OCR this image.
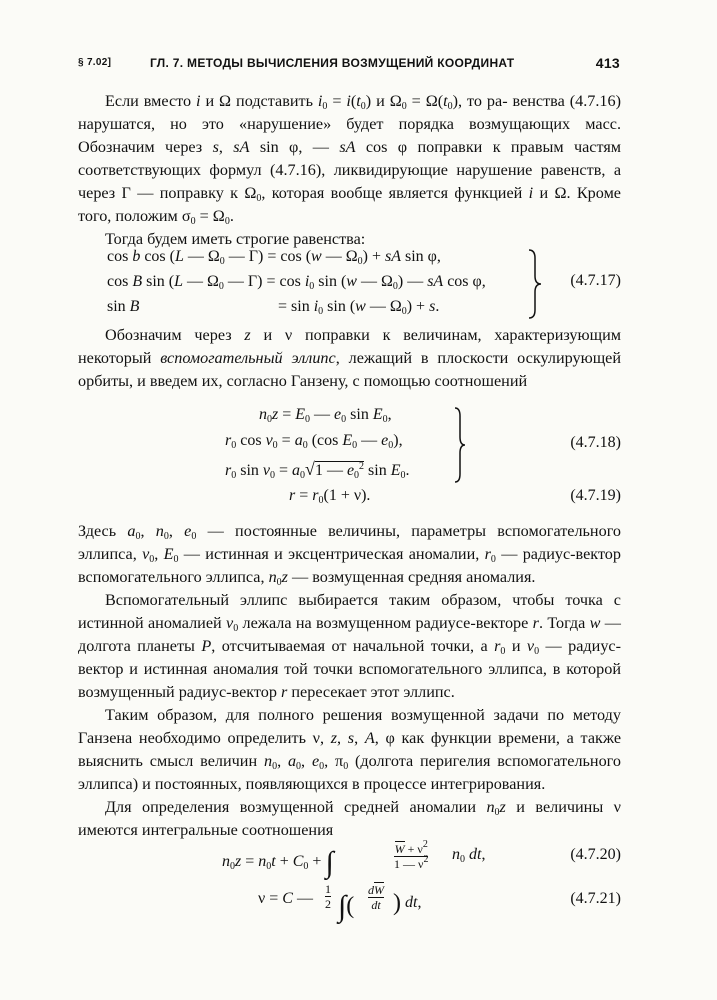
§ 7.02]	ГЛ. 7. МЕТОДЫ ВЫЧИСЛЕНИЯ ВОЗМУЩЕНИЙ КООРДИНАТ	413

Если вместо i и Ω подставить $i_0 = i(t_0)$ и $\Omega_0 = \Omega(t_0)$, то ра- венства (4.7.16) нарушатся, но это «нарушение» будет порядка возмущающих масс. Обозначим через s, sA sin φ, — sA cos φ поправки к правым частям соответствующих формул (4.7.16), ликвидирующие нарушение равенств, а через Γ — поправку к $\Omega_0$, которая вообще является функцией i и Ω. Кроме того, положим $\sigma_0 = \Omega_0$.

Тогда будем иметь строгие равенства:

cos b cos (L — $\Omega_0$ — Γ) = cos (w — $\Omega_0$) + sA sin φ,
cos B sin (L — $\Omega_0$ — $\Gamma) = \cos i_0$ sin (w — $\Omega_0$) — sA cos φ,
sin B	= $\sin i_0$ sin (w — $\Omega_0) + s$.
(4.7.17)

Обозначим через z и ν поправки к величинам, характеризующим некоторый вспомогательный эллипс, лежащий в плоскости оскулирующей орбиты, и введем их, согласно Ганзену, с помощью соотношений

$n_0z = E_0$ — $e_0$ $\sin E_0$,
$r_0$ $\cos v_0 = a_0$ (cos $E_0$ — $e_0$),
$r_0$ $\sin v_0 = a_0√1$ — $e_0^2$ $\sin E_0$.
(4.7.18)
$r = r_0(1 + \nu)$.	(4.7.19)

Здесь $a_0$, $n_0$, $e_0$ — постоянные величины, параметры вспомогательного эллипса, $v_0$, $E_0$ — истинная и эксцентрическая аномалии, $r_0$ — радиус-вектор вспомогательного эллипса, $n_0z$ — возмущенная средняя аномалия.

Вспомогательный эллипс выбирается таким образом, чтобы точка с истинной аномалией $v_0$ лежала на возмущенном радиусе-векторе r. Тогда w — долгота планеты P, отсчитываемая от начальной точки, а $r_0$ и $v_0$ — радиус-вектор и истинная аномалия той точки вспомогательного эллипса, в которой возмущенный радиус-вектор r пересекает этот эллипс.

Таким образом, для полного решения возмущенной задачи по методу Ганзена необходимо определить ν, z, s, A, φ как функции времени, а также выяснить смысл величин $n_0$, $a_0$, $e_0$, $\pi_0$ (долгота перигелия вспомогательного эллипса) и постоянных, появляющихся в процессе интегрирования.

Для определения возмущенной средней аномалии $n_0z$ и величины ν имеются интегральные соотношения

$n_0z = n_0t + C_0$ + ∫	$W + \nu^2$
1 — $\nu^2$ $n_0$ dt,	(4.7.20)
ν = C —
1
2 ∫(
dW
dt ) dt,	(4.7.21)
